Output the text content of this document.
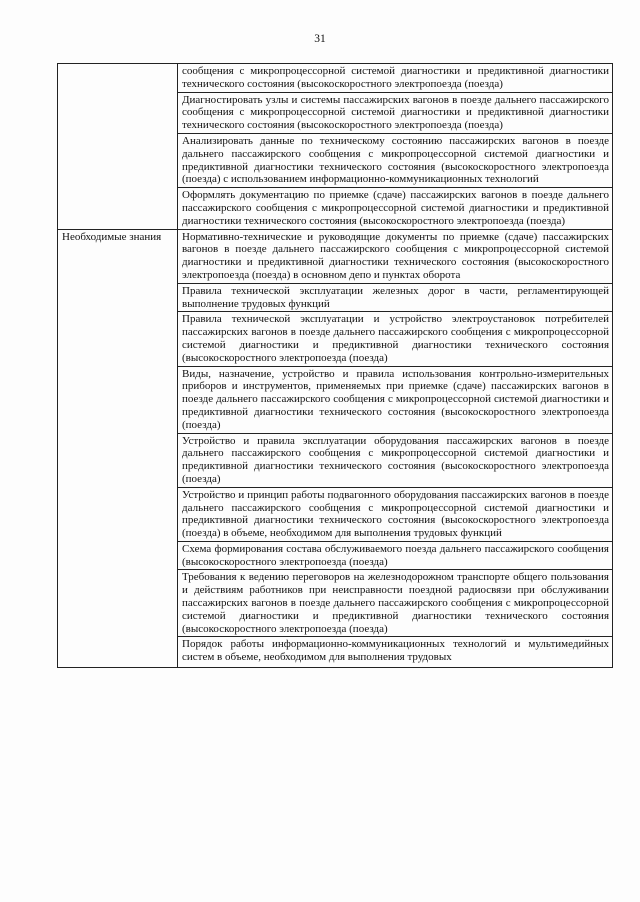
31
	сообщения с микропроцессорной системой диагностики и предиктивной диагностики технического состояния (высокоскоростного электропоезда (поезда)
	Диагностировать узлы и системы пассажирских вагонов в поезде дальнего пассажирского сообщения с микропроцессорной системой диагностики и предиктивной диагностики технического состояния (высокоскоростного электропоезда (поезда)
	Анализировать данные по техническому состоянию пассажирских вагонов в поезде дальнего пассажирского сообщения с микропроцессорной системой диагностики и предиктивной диагностики технического состояния (высокоскоростного электропоезда (поезда) с использованием информационно-коммуникационных технологий
	Оформлять документацию по приемке (сдаче) пассажирских вагонов в поезде дальнего пассажирского сообщения с микропроцессорной системой диагностики и предиктивной диагностики технического состояния (высокоскоростного электропоезда (поезда)
Необходимые знания	Нормативно-технические и руководящие документы по приемке (сдаче) пассажирских вагонов в поезде дальнего пассажирского сообщения с микропроцессорной системой диагностики и предиктивной диагностики технического состояния (высокоскоростного электропоезда (поезда) в основном депо и пунктах оборота
	Правила технической эксплуатации железных дорог в части, регламентирующей выполнение трудовых функций
	Правила технической эксплуатации и устройство электроустановок потребителей пассажирских вагонов в поезде дальнего пассажирского сообщения с микропроцессорной системой диагностики и предиктивной диагностики технического состояния (высокоскоростного электропоезда (поезда)
	Виды, назначение, устройство и правила использования контрольно-измерительных приборов и инструментов, применяемых при приемке (сдаче) пассажирских вагонов в поезде дальнего пассажирского сообщения с микропроцессорной системой диагностики и предиктивной диагностики технического состояния (высокоскоростного электропоезда (поезда)
	Устройство и правила эксплуатации оборудования пассажирских вагонов в поезде дальнего пассажирского сообщения с микропроцессорной системой диагностики и предиктивной диагностики технического состояния (высокоскоростного электропоезда (поезда)
	Устройство и принцип работы подвагонного оборудования пассажирских вагонов в поезде дальнего пассажирского сообщения с микропроцессорной системой диагностики и предиктивной диагностики технического состояния (высокоскоростного электропоезда (поезда) в объеме, необходимом для выполнения трудовых функций
	Схема формирования состава обслуживаемого поезда дальнего пассажирского сообщения (высокоскоростного электропоезда (поезда)
	Требования к ведению переговоров на железнодорожном транспорте общего пользования и действиям работников при неисправности поездной радиосвязи при обслуживании пассажирских вагонов в поезде дальнего пассажирского сообщения с микропроцессорной системой диагностики и предиктивной диагностики технического состояния (высокоскоростного электропоезда (поезда)

	Порядок работы информационно-коммуникационных технологий и мультимедийных систем в объеме, необходимом для выполнения трудовых
